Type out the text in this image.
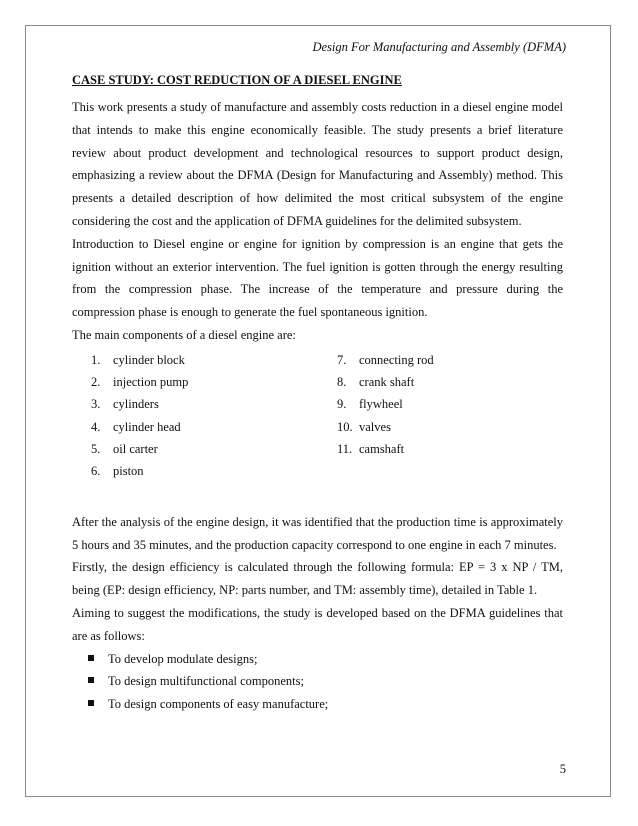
Design For Manufacturing and Assembly (DFMA)

CASE STUDY: COST REDUCTION OF A DIESEL ENGINE

This work presents a study of manufacture and assembly costs reduction in a diesel engine model that intends to make this engine economically feasible. The study presents a brief literature review about product development and technological resources to support product design, emphasizing a review about the DFMA (Design for Manufacturing and Assembly) method. This presents a detailed description of how delimited the most critical subsystem of the engine considering the cost and the application of DFMA guidelines for the delimited subsystem.

Introduction to Diesel engine or engine for ignition by compression is an engine that gets the ignition without an exterior intervention. The fuel ignition is gotten through the energy resulting from the compression phase. The increase of the temperature and pressure during the compression phase is enough to generate the fuel spontaneous ignition.

The main components of a diesel engine are:

1. cylinder block
2. injection pump
3. cylinders
4. cylinder head
5. oil carter
6. piston
7. connecting rod
8. crank shaft
9. flywheel
10. valves
11. camshaft

After the analysis of the engine design, it was identified that the production time is approximately 5 hours and 35 minutes, and the production capacity correspond to one engine in each 7 minutes.

Firstly, the design efficiency is calculated through the following formula: EP = 3 x NP / TM, being (EP: design efficiency, NP: parts number, and TM: assembly time), detailed in Table 1.

Aiming to suggest the modifications, the study is developed based on the DFMA guidelines that are as follows:

To develop modulate designs;
To design multifunctional components;
To design components of easy manufacture;
5
